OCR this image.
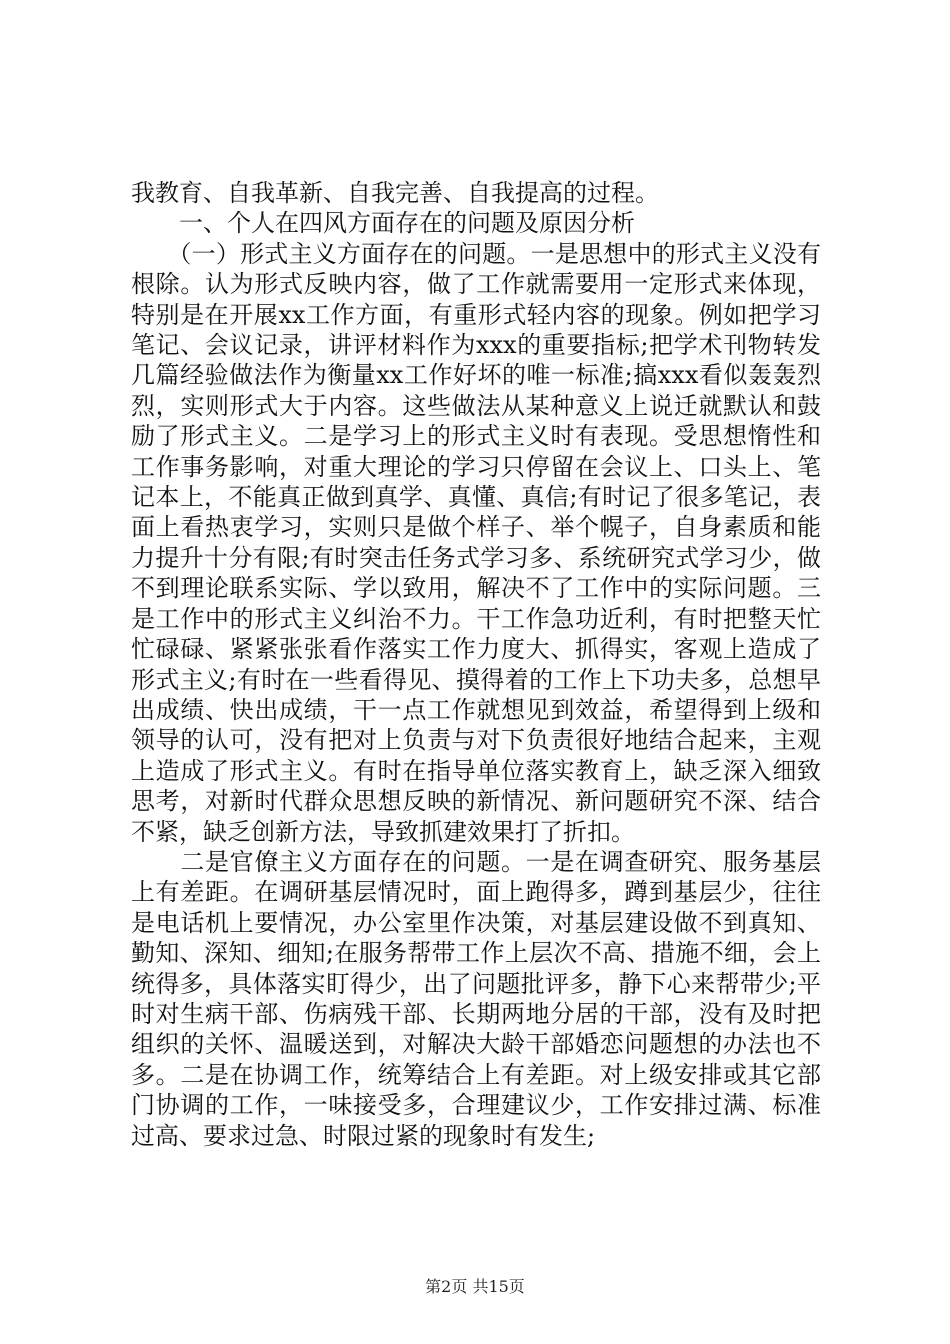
我教育、自我革新、自我完善、自我提高的过程。

　　一、个人在四风方面存在的问题及原因分析

　　（一）形式主义方面存在的问题。一是思想中的形式主义没有根除。认为形式反映内容，做了工作就需要用一定形式来体现，特别是在开展xx工作方面，有重形式轻内容的现象。例如把学习笔记、会议记录，讲评材料作为xxx的重要指标;把学术刊物转发几篇经验做法作为衡量xx工作好坏的唯一标准;搞xxx看似轰轰烈烈，实则形式大于内容。这些做法从某种意义上说迁就默认和鼓励了形式主义。二是学习上的形式主义时有表现。受思想惰性和工作事务影响，对重大理论的学习只停留在会议上、口头上、笔记本上，不能真正做到真学、真懂、真信;有时记了很多笔记，表面上看热衷学习，实则只是做个样子、举个幌子，自身素质和能力提升十分有限;有时突击任务式学习多、系统研究式学习少，做不到理论联系实际、学以致用，解决不了工作中的实际问题。三是工作中的形式主义纠治不力。干工作急功近利，有时把整天忙忙碌碌、紧紧张张看作落实工作力度大、抓得实，客观上造成了形式主义;有时在一些看得见、摸得着的工作上下功夫多，总想早出成绩、快出成绩，干一点工作就想见到效益，希望得到上级和领导的认可，没有把对上负责与对下负责很好地结合起来，主观上造成了形式主义。有时在指导单位落实教育上，缺乏深入细致思考，对新时代群众思想反映的新情况、新问题研究不深、结合不紧，缺乏创新方法，导致抓建效果打了折扣。

　　二是官僚主义方面存在的问题。一是在调查研究、服务基层上有差距。在调研基层情况时，面上跑得多，蹲到基层少，往往是电话机上要情况，办公室里作决策，对基层建设做不到真知、勤知、深知、细知;在服务帮带工作上层次不高、措施不细，会上统得多，具体落实盯得少，出了问题批评多，静下心来帮带少;平时对生病干部、伤病残干部、长期两地分居的干部，没有及时把组织的关怀、温暖送到，对解决大龄干部婚恋问题想的办法也不多。二是在协调工作，统筹结合上有差距。对上级安排或其它部门协调的工作，一味接受多，合理建议少，工作安排过满、标准过高、要求过急、时限过紧的现象时有发生;

第2页 共15页
